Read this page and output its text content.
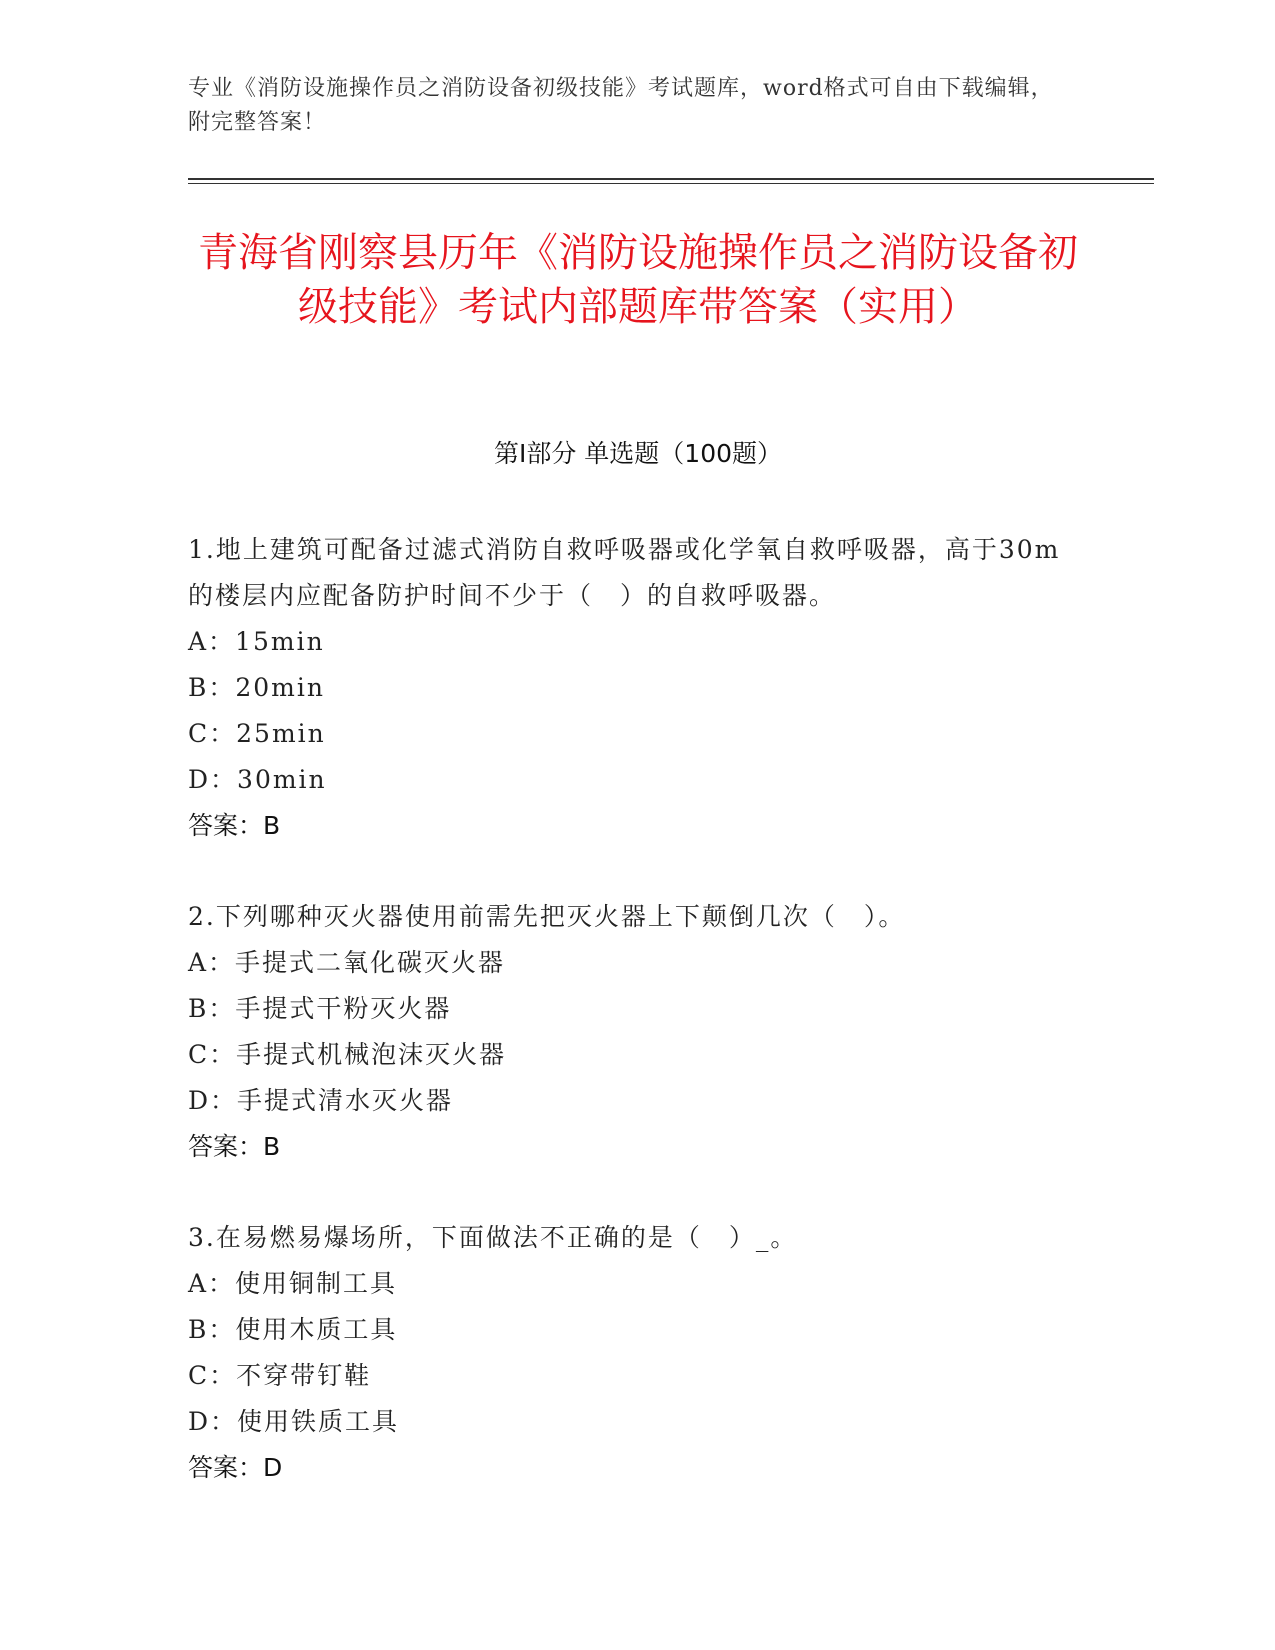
专业《消防设施操作员之消防设备初级技能》考试题库，word格式可自由下载编辑，附完整答案！
青海省刚察县历年《消防设施操作员之消防设备初级技能》考试内部题库带答案（实用）
第I部分 单选题（100题）

1.地上建筑可配备过滤式消防自救呼吸器或化学氧自救呼吸器，高于30m的楼层内应配备防护时间不少于（　）的自救呼吸器。

A：15min

B：20min

C：25min

D：30min

答案：B

2.下列哪种灭火器使用前需先把灭火器上下颠倒几次（　）。

A：手提式二氧化碳灭火器

B：手提式干粉灭火器

C：手提式机械泡沫灭火器

D：手提式清水灭火器

答案：B

3.在易燃易爆场所，下面做法不正确的是（　）_。

A：使用铜制工具

B：使用木质工具

C：不穿带钉鞋

D：使用铁质工具

答案：D
